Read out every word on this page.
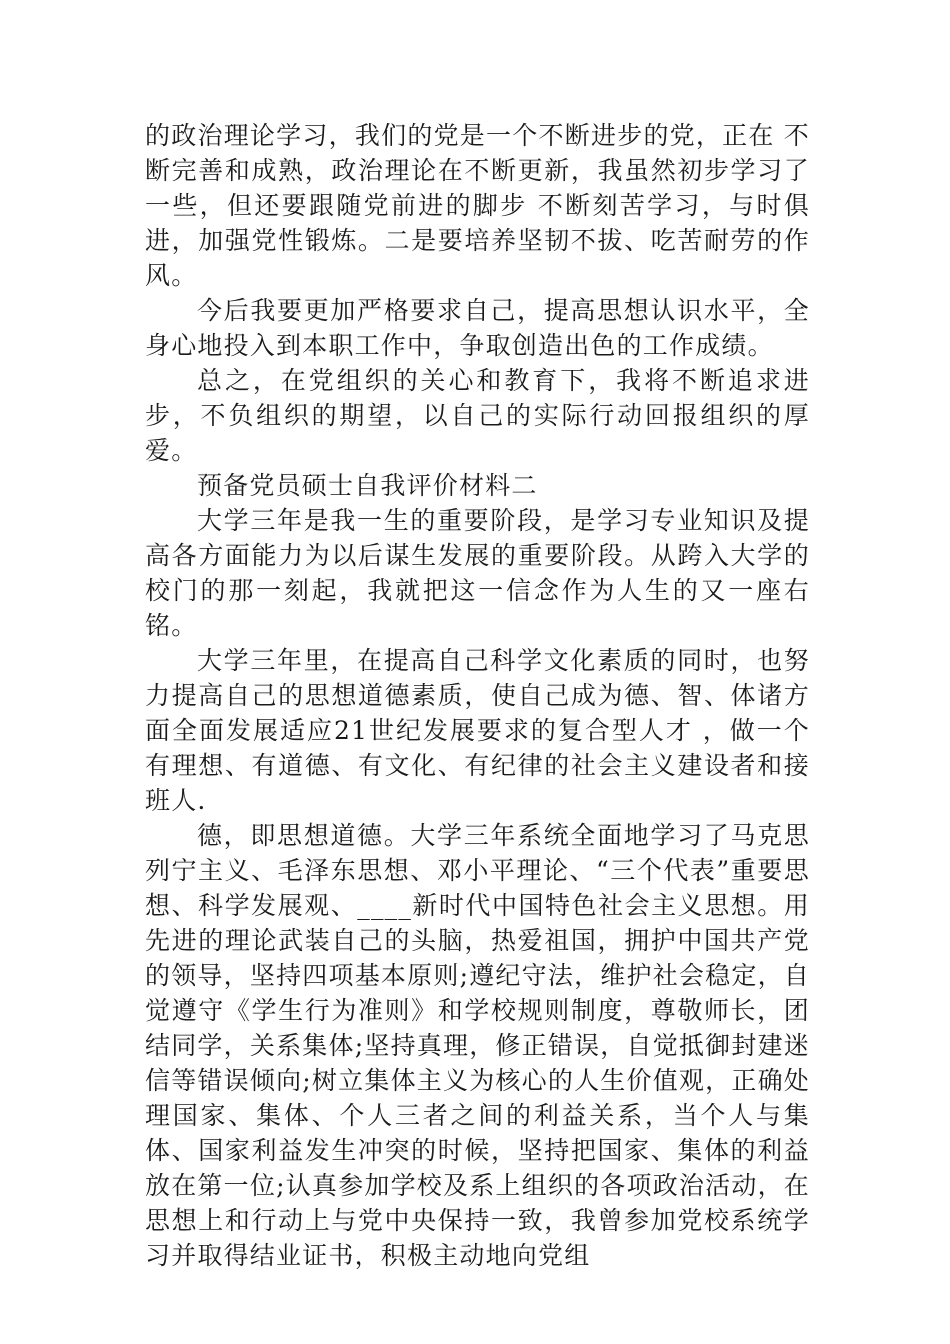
的政治理论学习，我们的党是一个不断进步的党，正在 不断完善和成熟，政治理论在不断更新，我虽然初步学习了一些，但还要跟随党前进的脚步 不断刻苦学习，与时俱进，加强党性锻炼。二是要培养坚韧不拔、吃苦耐劳的作风。

今后我要更加严格要求自己，提高思想认识水平，全身心地投入到本职工作中，争取创造出色的工作成绩。

总之，在党组织的关心和教育下，我将不断追求进步，不负组织的期望，以自己的实际行动回报组织的厚爱。

预备党员硕士自我评价材料二

大学三年是我一生的重要阶段，是学习专业知识及提高各方面能力为以后谋生发展的重要阶段。从跨入大学的校门的那一刻起，我就把这一信念作为人生的又一座右铭。

大学三年里，在提高自己科学文化素质的同时，也努力提高自己的思想道德素质，使自己成为德、智、体诸方面全面发展适应21世纪发展要求的复合型人才 ，做一个有理想、有道德、有文化、有纪律的社会主义建设者和接班人.

德，即思想道德。大学三年系统全面地学习了马克思列宁主义、毛泽东思想、邓小平理论、“三个代表”重要思想、科学发展观、____新时代中国特色社会主义思想。用先进的理论武装自己的头脑，热爱祖国，拥护中国共产党的领导，坚持四项基本原则;遵纪守法，维护社会稳定，自觉遵守《学生行为准则》和学校规则制度，尊敬师长，团结同学，关系集体;坚持真理，修正错误，自觉抵御封建迷信等错误倾向;树立集体主义为核心的人生价值观，正确处理国家、集体、个人三者之间的利益关系，当个人与集体、国家利益发生冲突的时候，坚持把国家、集体的利益放在第一位;认真参加学校及系上组织的各项政治活动，在思想上和行动上与党中央保持一致，我曾参加党校系统学习并取得结业证书，积极主动地向党组
